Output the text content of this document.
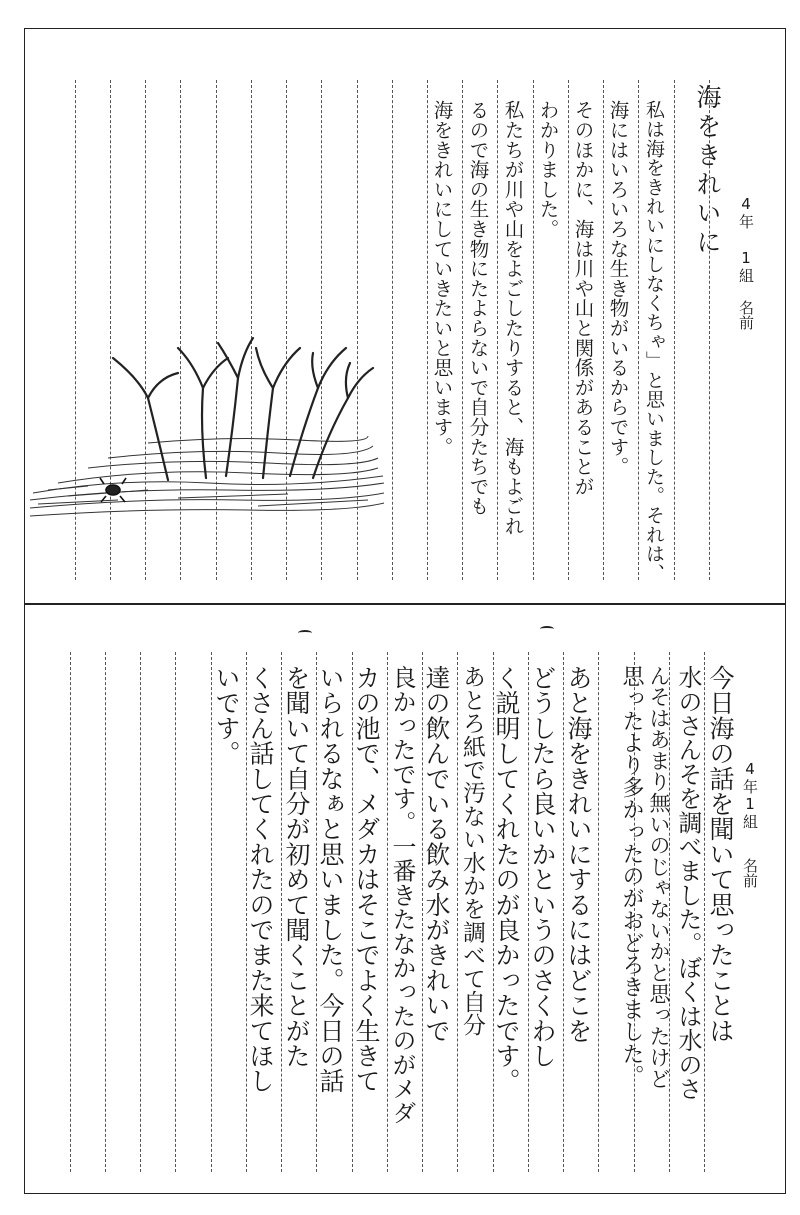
4年 1組
名前
海をきれいに
私は海をきれいにしなくちゃ」と思いました。それは、
海にはいろいろな生き物がいるからです。
そのほかに、海は川や山と関係があることが
わかりました。
私たちが川や山をよごしたりすると、海もよごれ
るので海の生き物にたよらないで自分たちでも
海をきれいにしていきたいと思います。
4年1組
名前
今日海の話を聞いて思ったことは
水のさんそを調べました。ぼくは水のさ
んそはあまり無いのじゃないかと思ったけど
思ったより多かったのがおどろきました。
あと海をきれいにするにはどこを
どうしたら良いかというのさくわし
く説明してくれたのが良かったです。
あとろ紙で汚ない水かを調べて自分
達の飲んでいる飲み水がきれいで
良かったです。一番きたなかったのがメダ
カの池で、メダカはそこでよく生きて
いられるなぁと思いました。今日の話
を聞いて自分が初めて聞くことがた
くさん話してくれたのでまた来てほし
いです。
